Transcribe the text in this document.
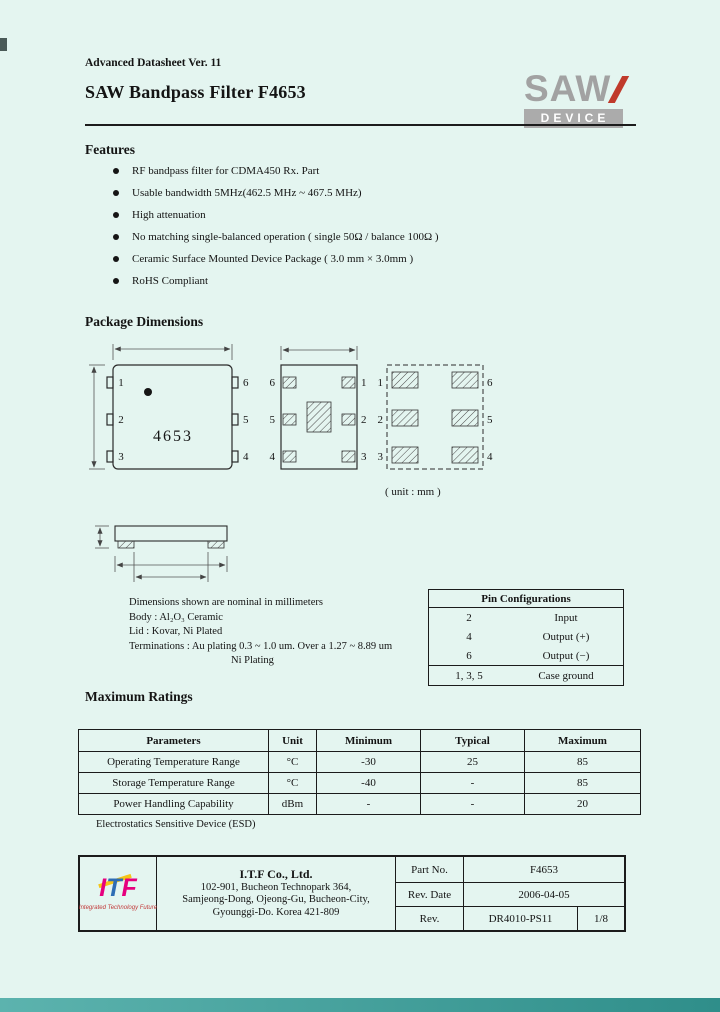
Advanced Datasheet Ver. 11
SAW Bandpass Filter F4653	SAW
DEVICE
Features
RF bandpass filter for CDMA450 Rx. Part
Usable bandwidth 5MHz(462.5 MHz ~ 467.5 MHz)
High attenuation
No matching single-balanced operation ( single 50Ω / balance 100Ω )
Ceramic Surface Mounted Device Package ( 3.0 mm × 3.0mm )
RoHS Compliant
Package Dimensions
4653
1
2
3
6
5
4
6
5
4
1
2
3
1
2
3
6
5
4
( unit : mm )
Dimensions shown are nominal in millimeters
Body : Al₂O₃ Ceramic
Lid : Kovar, Ni Plated
Terminations : Au plating 0.3 ~ 1.0 um. Over a 1.27 ~ 8.89 um
Ni Plating
Pin Configurations
2	Input
4	Output (+)
6	Output (−)
1, 3, 5	Case ground
Maximum Ratings
Parameters	Unit	Minimum	Typical	Maximum
Operating Temperature Range	°C	-30	25	85
Storage Temperature Range	°C	-40	-	85
Power Handling Capability	dBm	-	-	20
Electrostatics Sensitive Device (ESD)
ITF
Integrated Technology Future
I.T.F Co., Ltd.
102-901, Bucheon Technopark 364,
Samjeong-Dong, Ojeong-Gu, Bucheon-City,
Gyounggi-Do. Korea 421-809
Part No.	F4653
Rev. Date	2006-04-05
Rev.	DR4010-PS11	1/8
